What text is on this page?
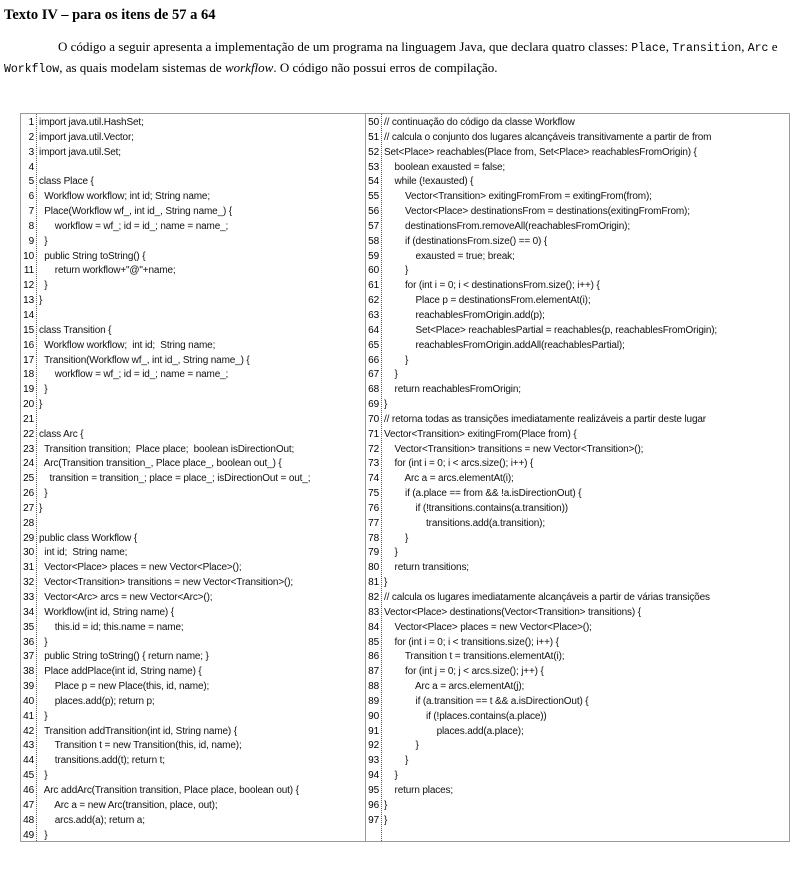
Texto IV – para os itens de 57 a 64

O código a seguir apresenta a implementação de um programa na linguagem Java, que declara quatro classes: Place, Transition, Arc e Workflow, as quais modelam sistemas de workflow. O código não possui erros de compilação.

1 import java.util.HashSet;
2 import java.util.Vector;
3 import java.util.Set;
4
5 class Place {
6 Workflow workflow; int id; String name;
7 Place(Workflow wf_, int id_, String name_) {
8 workflow = wf_; id = id_; name = name_;
9 }
10 public String toString() {
11 return workflow+"@"+name;
12 }
13 }
14
15 class Transition {
16 Workflow workflow;  int id;  String name;
17 Transition(Workflow wf_, int id_, String name_) {
18 workflow = wf_; id = id_; name = name_;
19 }
20 }
21
22 class Arc {
23 Transition transition;  Place place;  boolean isDirectionOut;
24 Arc(Transition transition_, Place place_, boolean out_) {
25 transition = transition_; place = place_; isDirectionOut = out_;
26 }
27 }
28
29 public class Workflow {
30 int id;  String name;
31 Vector<Place> places = new Vector<Place>();
32 Vector<Transition> transitions = new Vector<Transition>();
33 Vector<Arc> arcs = new Vector<Arc>();
34 Workflow(int id, String name) {
35 this.id = id; this.name = name;
36 }
37 public String toString() { return name; }
38 Place addPlace(int id, String name) {
39 Place p = new Place(this, id, name);
40 places.add(p); return p;
41 }
42 Transition addTransition(int id, String name) {
43 Transition t = new Transition(this, id, name);
44 transitions.add(t); return t;
45 }
46 Arc addArc(Transition transition, Place place, boolean out) {
47 Arc a = new Arc(transition, place, out);
48 arcs.add(a); return a;
49 }
50 // continuação do código da classe Workflow
51 // calcula o conjunto dos lugares alcançáveis transitivamente a partir de from
52 Set<Place> reachables(Place from, Set<Place> reachablesFromOrigin) {
53 boolean exausted = false;
54 while (!exausted) {
55 Vector<Transition> exitingFromFrom = exitingFrom(from);
56 Vector<Place> destinationsFrom = destinations(exitingFromFrom);
57 destinationsFrom.removeAll(reachablesFromOrigin);
58 if (destinationsFrom.size() == 0) {
59 exausted = true; break;
60 }
61 for (int i = 0; i < destinationsFrom.size(); i++) {
62 Place p = destinationsFrom.elementAt(i);
63 reachablesFromOrigin.add(p);
64 Set<Place> reachablesPartial = reachables(p, reachablesFromOrigin);
65 reachablesFromOrigin.addAll(reachablesPartial);
66 }
67 }
68 return reachablesFromOrigin;
69 }
70 // retorna todas as transições imediatamente realizáveis a partir deste lugar
71 Vector<Transition> exitingFrom(Place from) {
72 Vector<Transition> transitions = new Vector<Transition>();
73 for (int i = 0; i < arcs.size(); i++) {
74 Arc a = arcs.elementAt(i);
75 if (a.place == from && !a.isDirectionOut) {
76 if (!transitions.contains(a.transition))
77 transitions.add(a.transition);
78 }
79 }
80 return transitions;
81 }
82 // calcula os lugares imediatamente alcançáveis a partir de várias transições
83 Vector<Place> destinations(Vector<Transition> transitions) {
84 Vector<Place> places = new Vector<Place>();
85 for (int i = 0; i < transitions.size(); i++) {
86 Transition t = transitions.elementAt(i);
87 for (int j = 0; j < arcs.size(); j++) {
88 Arc a = arcs.elementAt(j);
89 if (a.transition == t && a.isDirectionOut) {
90 if (!places.contains(a.place))
91 places.add(a.place);
92 }
93 }
94 }
95 return places;
96 }
97 }
